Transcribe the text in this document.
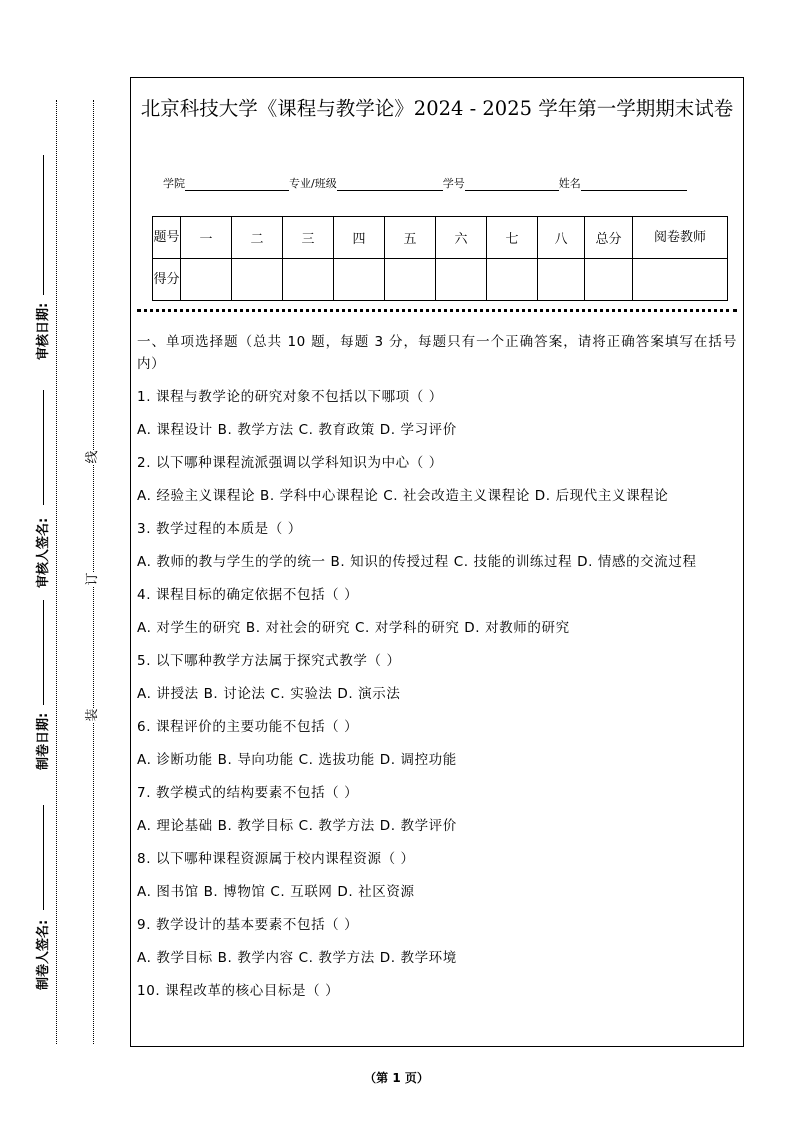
审核日期:
审核人签名:
制卷日期:
制卷人签名:
线
订
装
北京科技大学《课程与教学论》2024 - 2025 学年第一学期期末试卷
学院	专业/班级	学号	姓名
题号	一	二	三	四	五	六	七	八	总分	阅卷教师
得分										

一、单项选择题（总共 10 题，每题 3 分，每题只有一个正确答案，请将正确答案填写在括号内）

1. 课程与教学论的研究对象不包括以下哪项（ ）

A. 课程设计 B. 教学方法 C. 教育政策 D. 学习评价

2. 以下哪种课程流派强调以学科知识为中心（ ）

A. 经验主义课程论 B. 学科中心课程论 C. 社会改造主义课程论 D. 后现代主义课程论

3. 教学过程的本质是（ ）

A. 教师的教与学生的学的统一 B. 知识的传授过程 C. 技能的训练过程 D. 情感的交流过程

4. 课程目标的确定依据不包括（ ）

A. 对学生的研究 B. 对社会的研究 C. 对学科的研究 D. 对教师的研究

5. 以下哪种教学方法属于探究式教学（ ）

A. 讲授法 B. 讨论法 C. 实验法 D. 演示法

6. 课程评价的主要功能不包括（ ）

A. 诊断功能 B. 导向功能 C. 选拔功能 D. 调控功能

7. 教学模式的结构要素不包括（ ）

A. 理论基础 B. 教学目标 C. 教学方法 D. 教学评价

8. 以下哪种课程资源属于校内课程资源（ ）

A. 图书馆 B. 博物馆 C. 互联网 D. 社区资源

9. 教学设计的基本要素不包括（ ）

A. 教学目标 B. 教学内容 C. 教学方法 D. 教学环境

10. 课程改革的核心目标是（ ）

（第 1 页）
